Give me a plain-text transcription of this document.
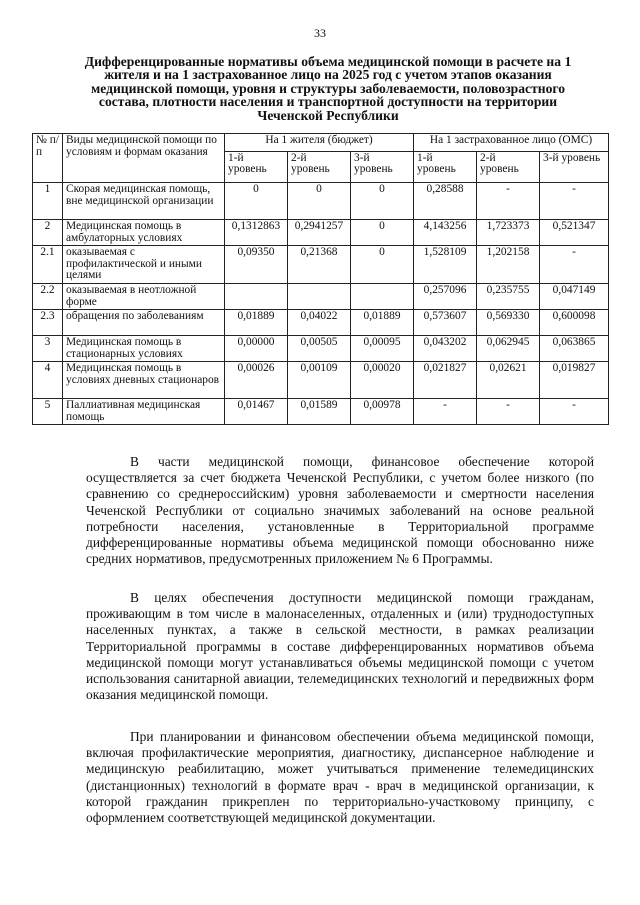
33
Дифференцированные нормативы объема медицинской помощи в расчете на 1 жителя и на 1 застрахованное лицо на 2025 год с учетом этапов оказания медицинской помощи, уровня и структуры заболеваемости, половозрастного состава, плотности населения и транспортной доступности на территории Чеченской Республики
№ п/ п	Виды медицинской помощи по условиям и формам оказания	На 1 жителя (бюджет)			На 1 застрахованное лицо (ОМС)		
		1-й уровень	2-й уровень	3-й уровень	1-й уровень	2-й уровень	3-й уровень
1	Скорая медицинская помощь, вне медицинской организации	0	0	0	0,28588	-	-
2	Медицинская помощь в амбулаторных условиях	0,1312863	0,2941257	0	4,143256	1,723373	0,521347
2.1	оказываемая с профилактической и иными целями	0,09350	0,21368	0	1,528109	1,202158	-
2.2	оказываемая в неотложной форме				0,257096	0,235755	0,047149
2.3	обращения по заболеваниям	0,01889	0,04022	0,01889	0,573607	0,569330	0,600098
3	Медицинская помощь в стационарных условиях	0,00000	0,00505	0,00095	0,043202	0,062945	0,063865
4	Медицинская помощь в условиях дневных стационаров	0,00026	0,00109	0,00020	0,021827	0,02621	0,019827
5	Паллиативная медицинская помощь	0,01467	0,01589	0,00978	-	-	-

В части медицинской помощи, финансовое обеспечение которой осуществляется за счет бюджета Чеченской Республики, с учетом более низкого (по сравнению со среднероссийским) уровня заболеваемости и смертности населения Чеченской Республики от социально значимых заболеваний на основе реальной потребности населения, установленные в Территориальной программе дифференцированные нормативы объема медицинской помощи обоснованно ниже средних нормативов, предусмотренных приложением № 6 Программы.

В целях обеспечения доступности медицинской помощи гражданам, проживающим в том числе в малонаселенных, отдаленных и (или) труднодоступных населенных пунктах, а также в сельской местности, в рамках реализации Территориальной программы в составе дифференцированных нормативов объема медицинской помощи могут устанавливаться объемы медицинской помощи с учетом использования санитарной авиации, телемедицинских технологий и передвижных форм оказания медицинской помощи.

При планировании и финансовом обеспечении объема медицинской помощи, включая профилактические мероприятия, диагностику, диспансерное наблюдение и медицинскую реабилитацию, может учитываться применение телемедицинских (дистанционных) технологий в формате врач - врач в медицинской организации, к которой гражданин прикреплен по территориально-участковому принципу, с оформлением соответствующей медицинской документации.
